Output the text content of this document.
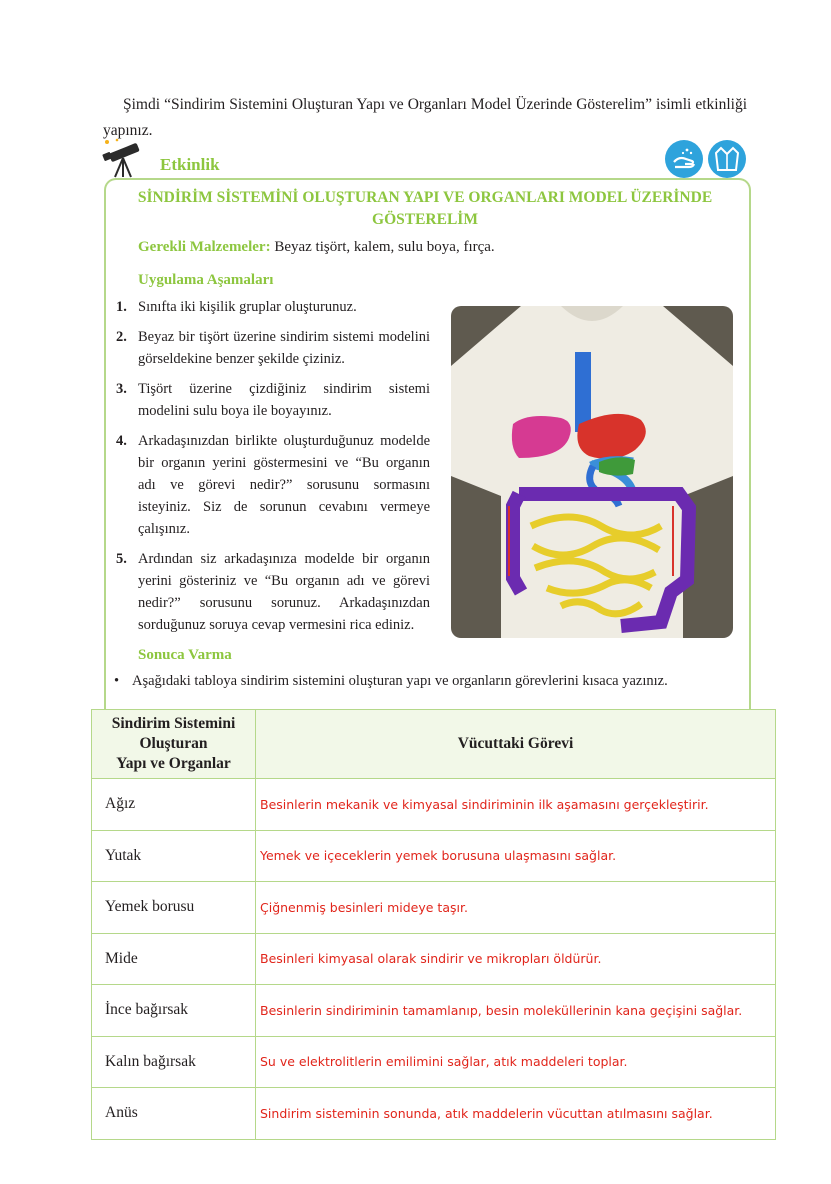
Şimdi “Sindirim Sistemini Oluşturan Yapı ve Organları Model Üzerinde Gösterelim” isimli etkinliği yapınız.

Etkinlik
SİNDİRİM SİSTEMİNİ OLUŞTURAN YAPI VE ORGANLARI MODEL ÜZERİNDE GÖSTERELİM
Gerekli Malzemeler: Beyaz tişört, kalem, sulu boya, fırça.
Uygulama Aşamaları
1. Sınıfta iki kişilik gruplar oluşturunuz.
2. Beyaz bir tişört üzerine sindirim sistemi modelini görseldekine benzer şekilde çiziniz.
3. Tişört üzerine çizdiğiniz sindirim sistemi modelini sulu boya ile boyayınız.
4. Arkadaşınızdan birlikte oluşturduğunuz modelde bir organın yerini göstermesini ve “Bu organın adı ve görevi nedir?” sorusunu sormasını isteyiniz. Siz de sorunun cevabını vermeye çalışınız.
5. Ardından siz arkadaşınıza modelde bir organın yerini gösteriniz ve “Bu organın adı ve görevi nedir?” sorusunu sorunuz. Arkadaşınızdan sorduğunuz soruya cevap vermesini rica ediniz.
Sonuca Varma
• Aşağıdaki tabloya sindirim sistemini oluşturan yapı ve organların görevlerini kısaca yazınız.
Sindirim Sistemini
Oluşturan
Yapı ve Organlar	Vücuttaki Görevi
Ağız	Besinlerin mekanik ve kimyasal sindiriminin ilk aşamasını gerçekleştirir.
Yutak	Yemek ve içeceklerin yemek borusuna ulaşmasını sağlar.
Yemek borusu	Çiğnenmiş besinleri mideye taşır.
Mide	Besinleri kimyasal olarak sindirir ve mikropları öldürür.
İnce bağırsak	Besinlerin sindiriminin tamamlanıp, besin moleküllerinin kana geçişini sağlar.
Kalın bağırsak	Su ve elektrolitlerin emilimini sağlar, atık maddeleri toplar.
Anüs	Sindirim sisteminin sonunda, atık maddelerin vücuttan atılmasını sağlar.
